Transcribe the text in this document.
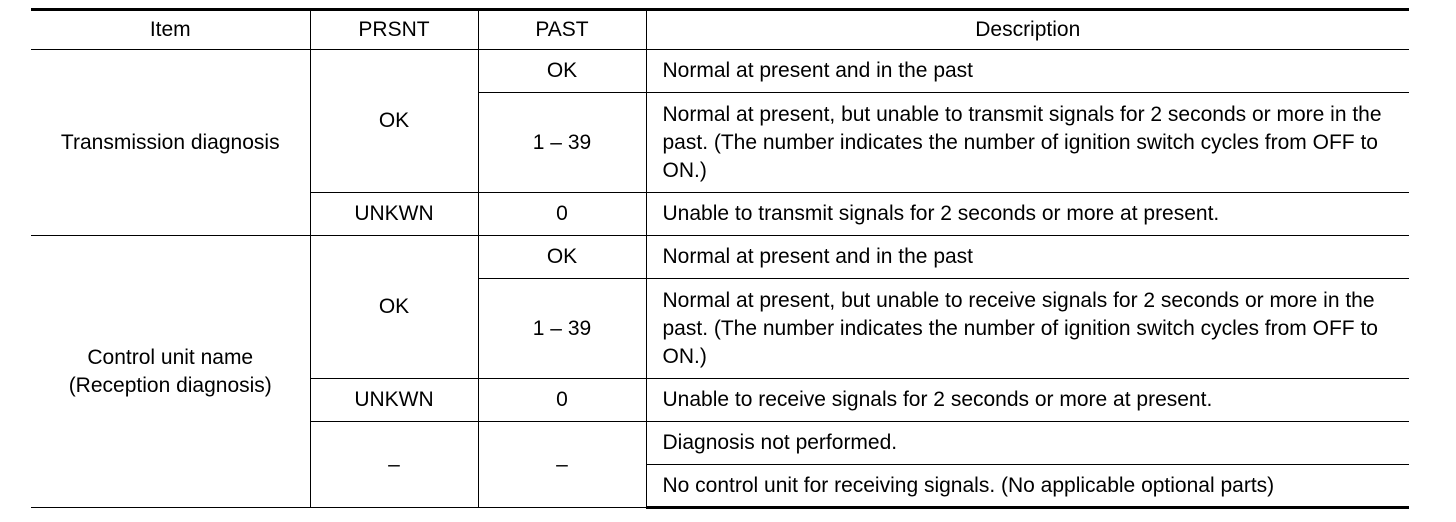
Item	PRSNT	PAST	Description
Transmission diagnosis	OK	OK	Normal at present and in the past
		1 – 39	Normal at present, but unable to transmit signals for 2 seconds or more in the past. (The number indicates the number of ignition switch cycles from OFF to ON.)
	UNKWN	0	Unable to transmit signals for 2 seconds or more at present.

Control unit name
(Reception diagnosis)	OK	OK	Normal at present and in the past
		1 – 39	Normal at present, but unable to receive signals for 2 seconds or more in the past. (The number indicates the number of ignition switch cycles from OFF to ON.)
	UNKWN	0	Unable to receive signals for 2 seconds or more at present.
	–	–	Diagnosis not performed.
			No control unit for receiving signals. (No applicable optional parts)
